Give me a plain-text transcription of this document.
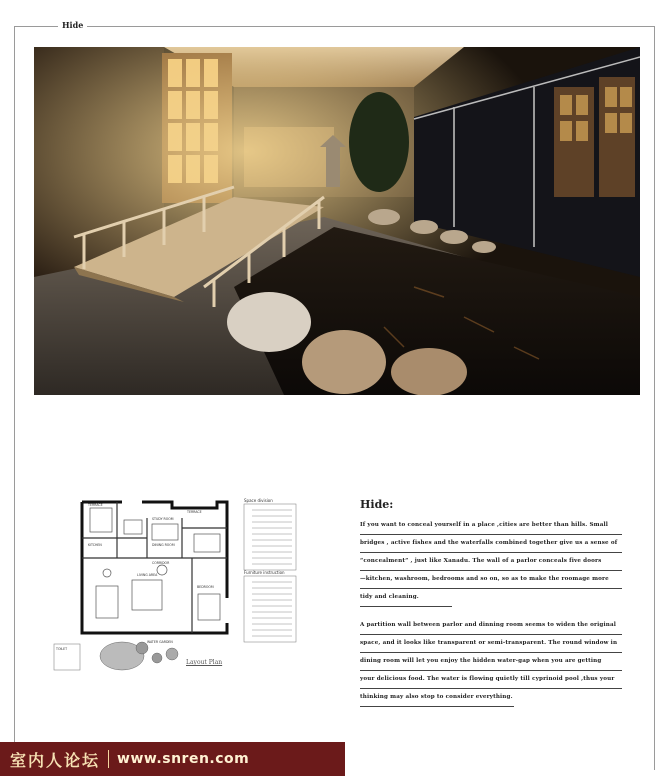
Hide
Space division
Furniture instruction
TERRACE
STUDY ROOM
TERRACE
KITCHEN	DINING ROOM
LIVING AREA
CORRIDOR
BEDROOM
WATER GARDEN
TOILET
Layout Plan
Hide:
If you want to conceal yourself in a place ,cities are better than hills. Small
bridges , active fishes and the waterfalls combined together give us a sense of
“concealment” , just like Xanadu. The wall of a parlor conceals five doors
—kitchen, washroom, bedrooms and so on, so as to make the roomage more
tidy and cleaning.
A partition wall between parlor and dinning room seems to widen the original
space, and it looks like transparent or semi-transparent. The round window in
dining room will let you enjoy the hidden water-gap when you are getting
your delicious food. The water is flowing quietly till cyprinoid pool ,thus your
thinking may also stop to consider everything.
室内人论坛 www.snren.com
